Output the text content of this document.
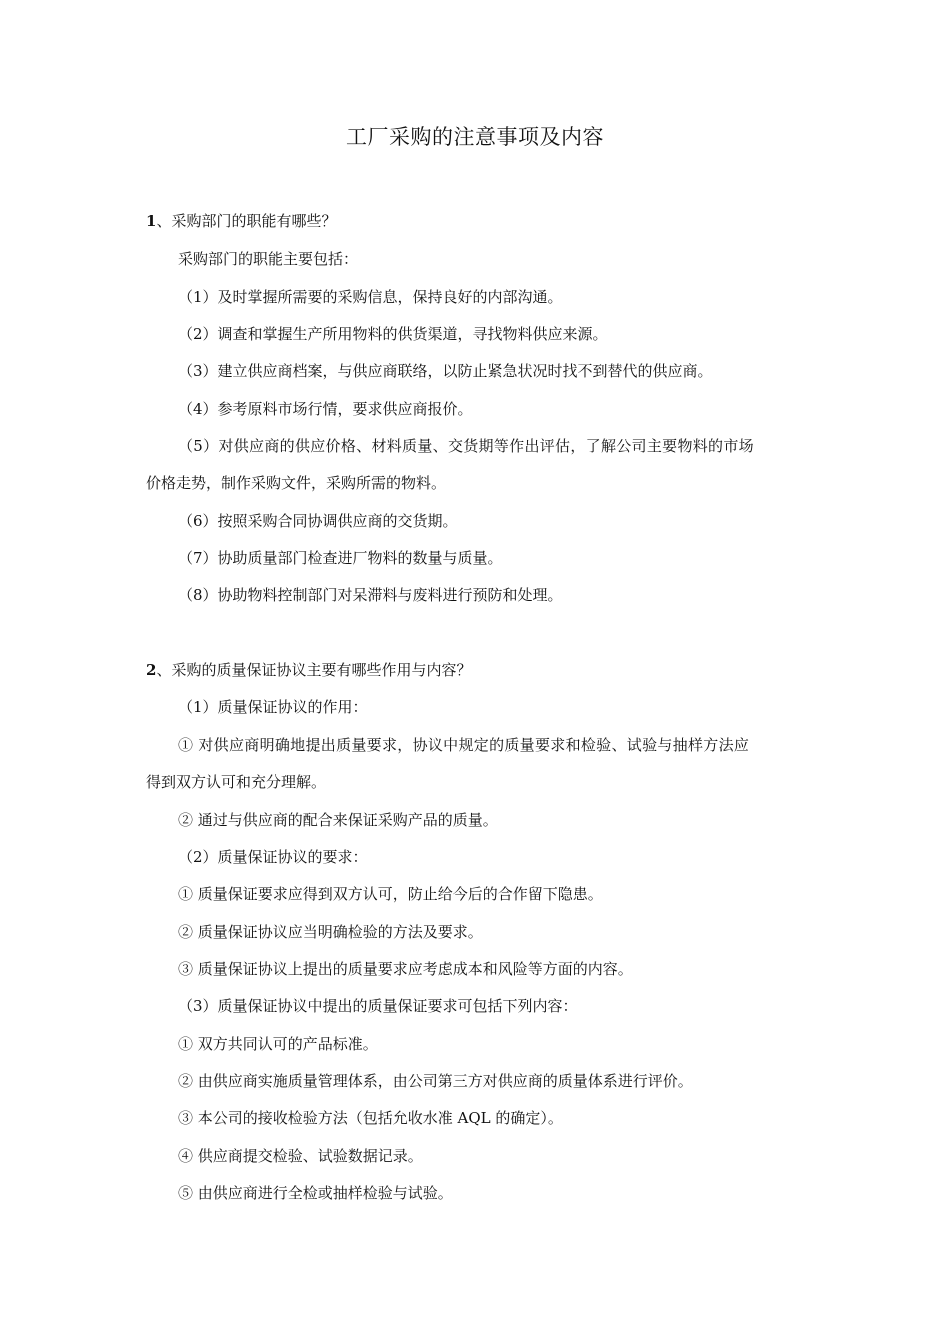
工厂采购的注意事项及内容
1、采购部门的职能有哪些？
采购部门的职能主要包括：
（1）及时掌握所需要的采购信息，保持良好的内部沟通。
（2）调查和掌握生产所用物料的供货渠道，寻找物料供应来源。
（3）建立供应商档案，与供应商联络，以防止紧急状况时找不到替代的供应商。
（4）参考原料市场行情，要求供应商报价。
（5）对供应商的供应价格、材料质量、交货期等作出评估，了解公司主要物料的市场
价格走势，制作采购文件，采购所需的物料。
（6）按照采购合同协调供应商的交货期。
（7）协助质量部门检查进厂物料的数量与质量。
（8）协助物料控制部门对呆滞料与废料进行预防和处理。
2、采购的质量保证协议主要有哪些作用与内容？
（1）质量保证协议的作用：
① 对供应商明确地提出质量要求，协议中规定的质量要求和检验、试验与抽样方法应
得到双方认可和充分理解。
② 通过与供应商的配合来保证采购产品的质量。
（2）质量保证协议的要求：
① 质量保证要求应得到双方认可，防止给今后的合作留下隐患。
② 质量保证协议应当明确检验的方法及要求。
③ 质量保证协议上提出的质量要求应考虑成本和风险等方面的内容。
（3）质量保证协议中提出的质量保证要求可包括下列内容：
① 双方共同认可的产品标准。
② 由供应商实施质量管理体系，由公司第三方对供应商的质量体系进行评价。
③ 本公司的接收检验方法（包括允收水准 AQL 的确定）。
④ 供应商提交检验、试验数据记录。
⑤ 由供应商进行全检或抽样检验与试验。
